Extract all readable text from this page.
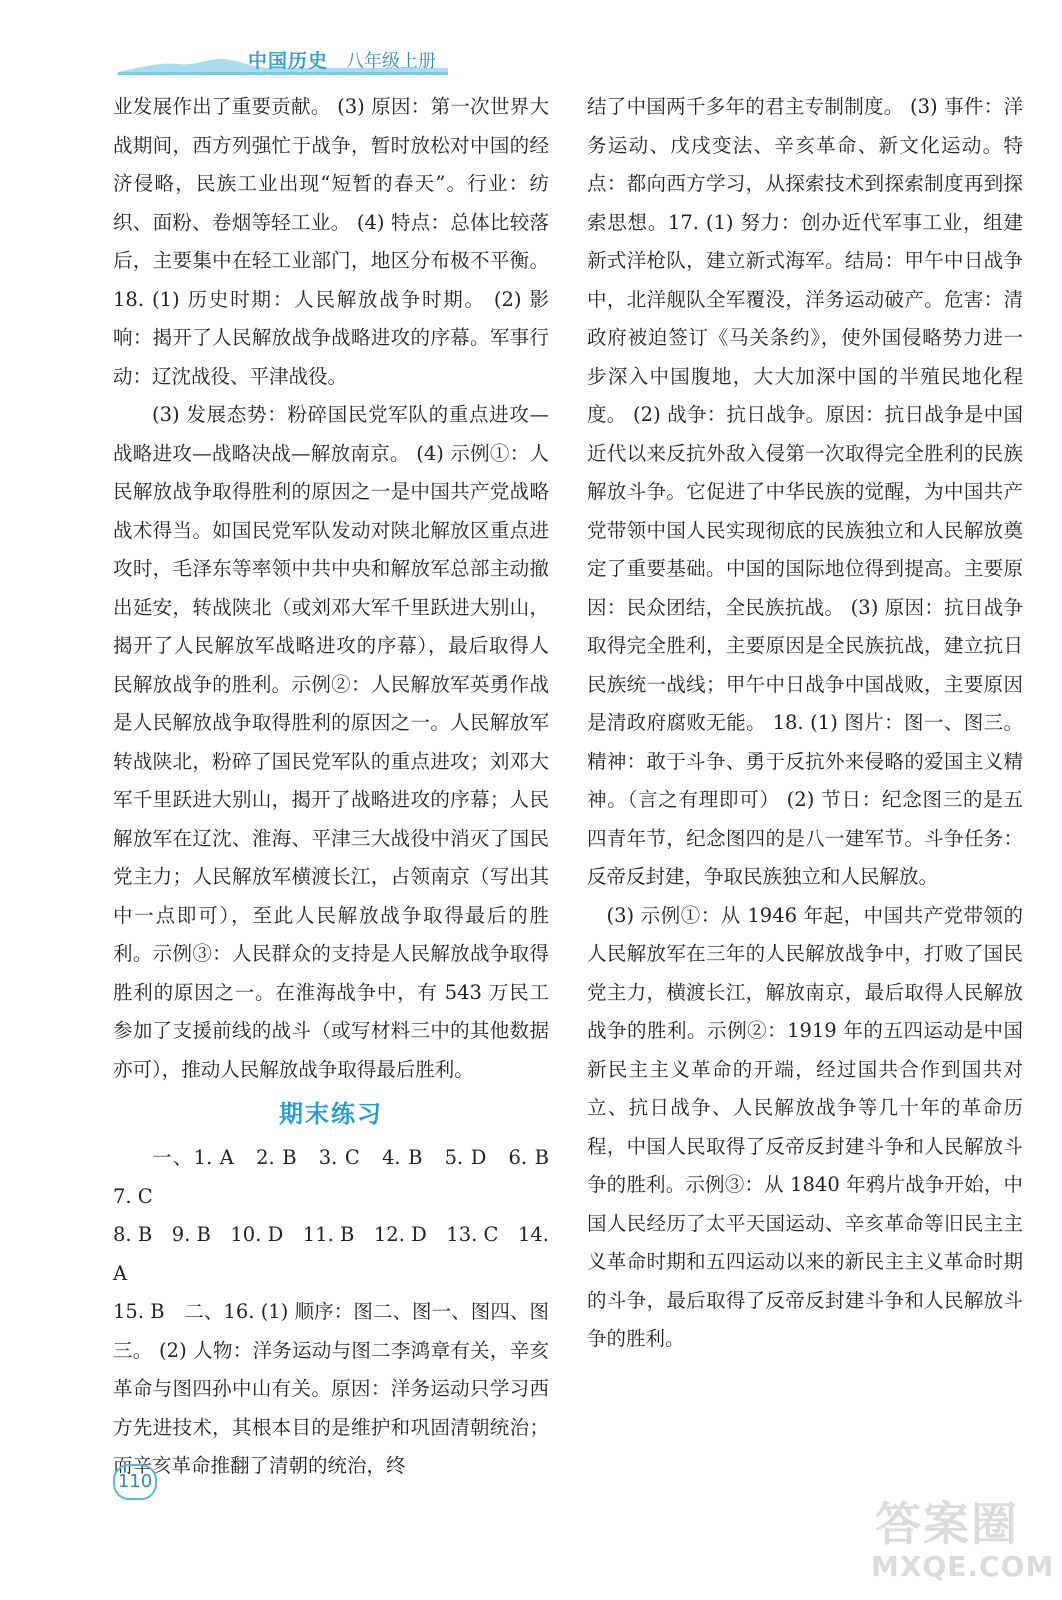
中国历史 八年级上册

业发展作出了重要贡献。 (3) 原因：第一次世界大战期间，西方列强忙于战争，暂时放松对中国的经济侵略，民族工业出现“短暂的春天”。行业：纺织、面粉、卷烟等轻工业。 (4) 特点：总体比较落后，主要集中在轻工业部门，地区分布极不平衡。 18. (1) 历史时期：人民解放战争时期。 (2) 影响：揭开了人民解放战争战略进攻的序幕。军事行动：辽沈战役、平津战役。

(3) 发展态势：粉碎国民党军队的重点进攻—战略进攻—战略决战—解放南京。 (4) 示例①：人民解放战争取得胜利的原因之一是中国共产党战略战术得当。如国民党军队发动对陕北解放区重点进攻时，毛泽东等率领中共中央和解放军总部主动撤出延安，转战陕北（或刘邓大军千里跃进大别山，揭开了人民解放军战略进攻的序幕），最后取得人民解放战争的胜利。示例②：人民解放军英勇作战是人民解放战争取得胜利的原因之一。人民解放军转战陕北，粉碎了国民党军队的重点进攻；刘邓大军千里跃进大别山，揭开了战略进攻的序幕；人民解放军在辽沈、淮海、平津三大战役中消灭了国民党主力；人民解放军横渡长江，占领南京（写出其中一点即可），至此人民解放战争取得最后的胜利。示例③：人民群众的支持是人民解放战争取得胜利的原因之一。在淮海战争中，有 543 万民工参加了支援前线的战斗（或写材料三中的其他数据亦可），推动人民解放战争取得最后胜利。

期末练习

一、1. A　2. B　3. C　4. B　5. D　6. B　7. C

8. B　9. B　10. D　11. B　12. D　13. C　14. A

15. B　二、16. (1) 顺序：图二、图一、图四、图三。 (2) 人物：洋务运动与图二李鸿章有关，辛亥革命与图四孙中山有关。原因：洋务运动只学习西方先进技术，其根本目的是维护和巩固清朝统治；而辛亥革命推翻了清朝的统治，终

结了中国两千多年的君主专制制度。 (3) 事件：洋务运动、戊戌变法、辛亥革命、新文化运动。特点：都向西方学习，从探索技术到探索制度再到探索思想。17. (1) 努力：创办近代军事工业，组建新式洋枪队，建立新式海军。结局：甲午中日战争中，北洋舰队全军覆没，洋务运动破产。危害：清政府被迫签订《马关条约》，使外国侵略势力进一步深入中国腹地，大大加深中国的半殖民地化程度。 (2) 战争：抗日战争。原因：抗日战争是中国近代以来反抗外敌入侵第一次取得完全胜利的民族解放斗争。它促进了中华民族的觉醒，为中国共产党带领中国人民实现彻底的民族独立和人民解放奠定了重要基础。中国的国际地位得到提高。主要原因：民众团结，全民族抗战。 (3) 原因：抗日战争取得完全胜利，主要原因是全民族抗战，建立抗日民族统一战线；甲午中日战争中国战败，主要原因是清政府腐败无能。 18. (1) 图片：图一、图三。精神：敢于斗争、勇于反抗外来侵略的爱国主义精神。（言之有理即可） (2) 节日：纪念图三的是五四青年节，纪念图四的是八一建军节。斗争任务：反帝反封建，争取民族独立和人民解放。

(3) 示例①：从 1946 年起，中国共产党带领的人民解放军在三年的人民解放战争中，打败了国民党主力，横渡长江，解放南京，最后取得人民解放战争的胜利。示例②：1919 年的五四运动是中国新民主主义革命的开端，经过国共合作到国共对立、抗日战争、人民解放战争等几十年的革命历程，中国人民取得了反帝反封建斗争和人民解放斗争的胜利。示例③：从 1840 年鸦片战争开始，中国人民经历了太平天国运动、辛亥革命等旧民主主义革命时期和五四运动以来的新民主主义革命时期的斗争，最后取得了反帝反封建斗争和人民解放斗争的胜利。

110
答案圈
MXQE.COM
